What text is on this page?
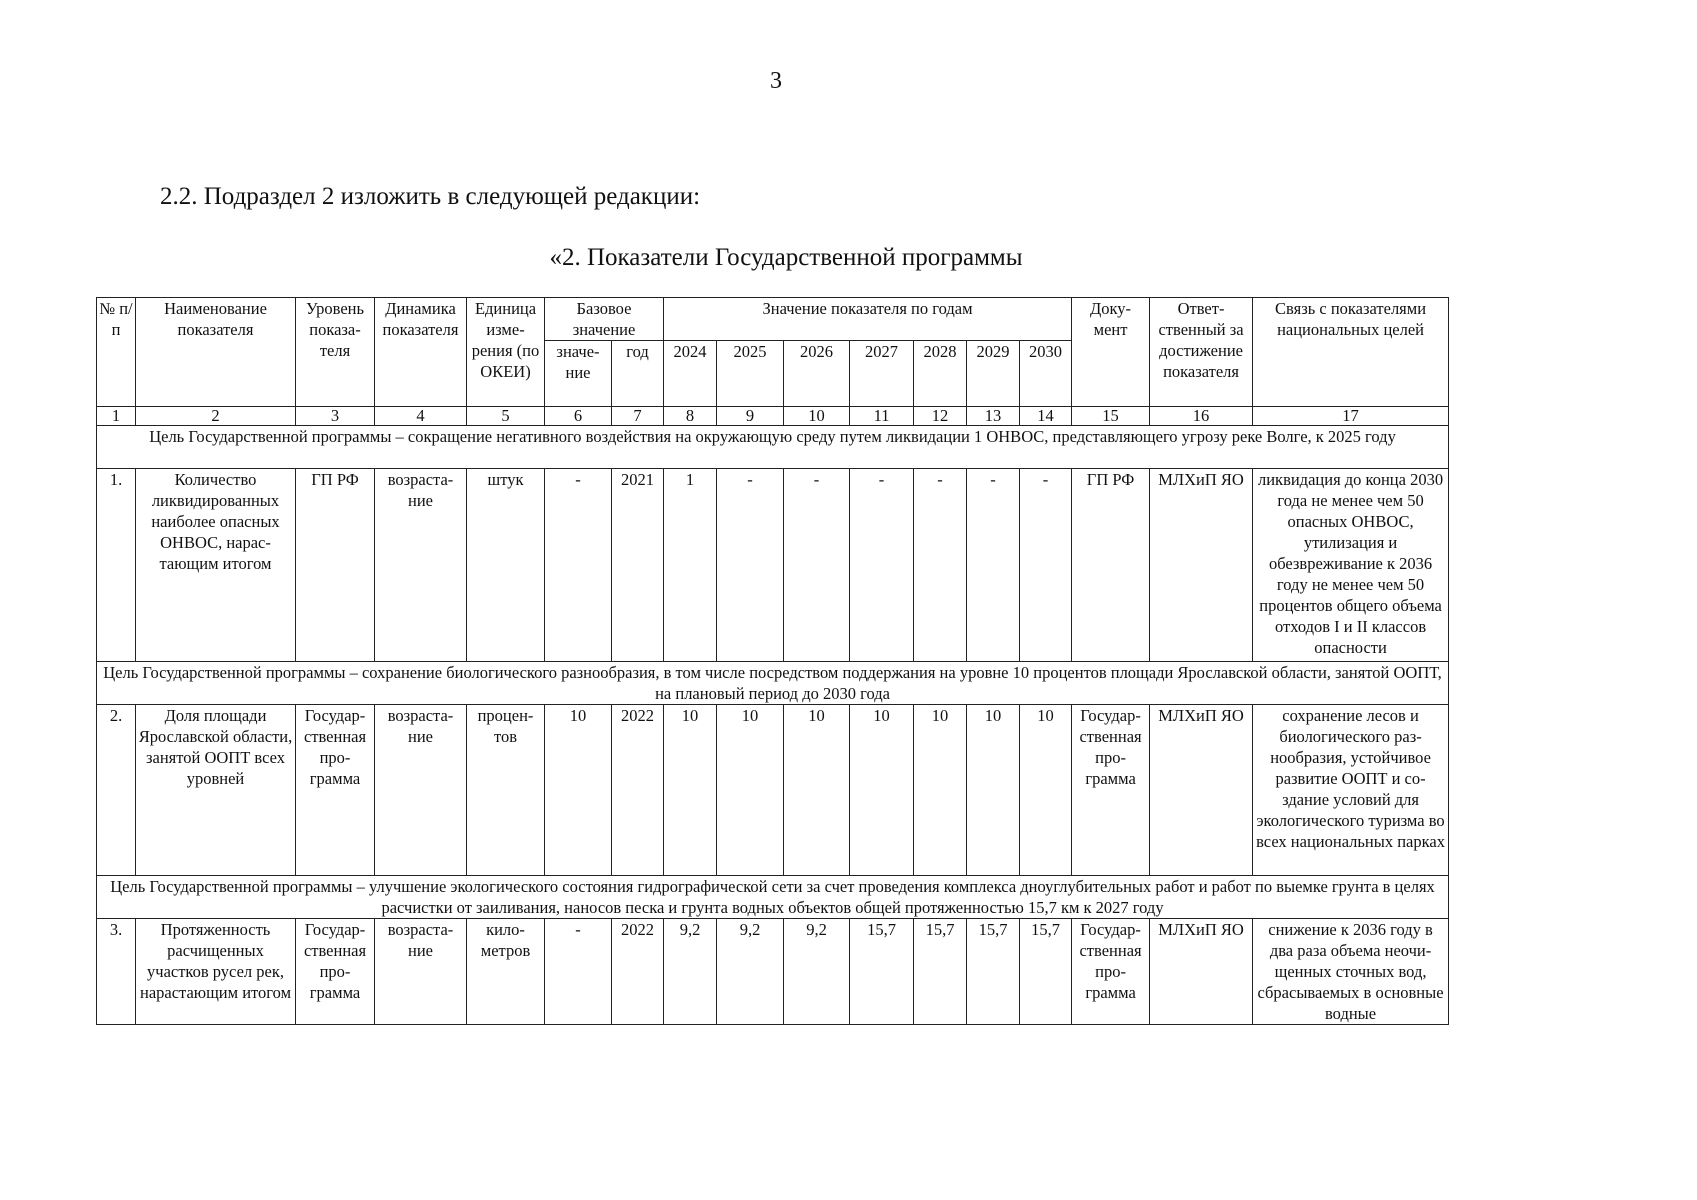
3
2.2. Подраздел 2 изложить в следующей редакции:
«2. Показатели Государственной программы
№ п/п	Наименование показателя	Уровень показа- теля	Динамика показателя	Единица изме- рения (по ОКЕИ)	Базовое значение		Значение показателя по годам							Доку- мент	Ответ- ственный за достижение показателя	Связь с показателями национальных целей
					значе- ние	год	2024	2025	2026	2027	2028	2029	2030			
1	2	3	4	5	6	7	8	9	10	11	12	13	14	15	16	17
Цель Государственной программы – сокращение негативного воздействия на окружающую среду путем ликвидации 1 ОНВОС, представляющего угрозу реке Волге, к 2025 году																
1.	Количество ликвидированных наиболее опасных ОНВОС, нарас- тающим итогом	ГП РФ	возраста- ние	штук	-	2021	1	-	-	-	-	-	-	ГП РФ	МЛХиП ЯО	ликвидация до конца 2030 года не менее чем 50 опасных ОНВОС, утилизация и обезвреживание к 2036 году не менее чем 50 процентов общего объема отходов I и II классов опасности
Цель Государственной программы – сохранение биологического разнообразия, в том числе посредством поддержания на уровне 10 процентов площади Ярославской области, занятой ООПТ, на плановый период до 2030 года																
2.	Доля площади Ярославской области, занятой ООПТ всех уровней	Государ- ственная про- грамма	возраста- ние	процен- тов	10	2022	10	10	10	10	10	10	10	Государ- ственная про- грамма	МЛХиП ЯО	сохранение лесов и биологического раз- нообразия, устойчивое развитие ООПТ и со- здание условий для экологического туризма во всех национальных парках
Цель Государственной программы – улучшение экологического состояния гидрографической сети за счет проведения комплекса дноуглубительных работ и работ по выемке грунта в целях расчистки от заиливания, наносов песка и грунта водных объектов общей протяженностью 15,7 км к 2027 году																
3.	Протяженность расчищенных участков русел рек, нарастающим итогом	Государ- ственная про- грамма	возраста- ние	кило- метров	-	2022	9,2	9,2	9,2	15,7	15,7	15,7	15,7	Государ- ственная про- грамма	МЛХиП ЯО	снижение к 2036 году в два раза объема неочи- щенных сточных вод, сбрасываемых в основные водные
